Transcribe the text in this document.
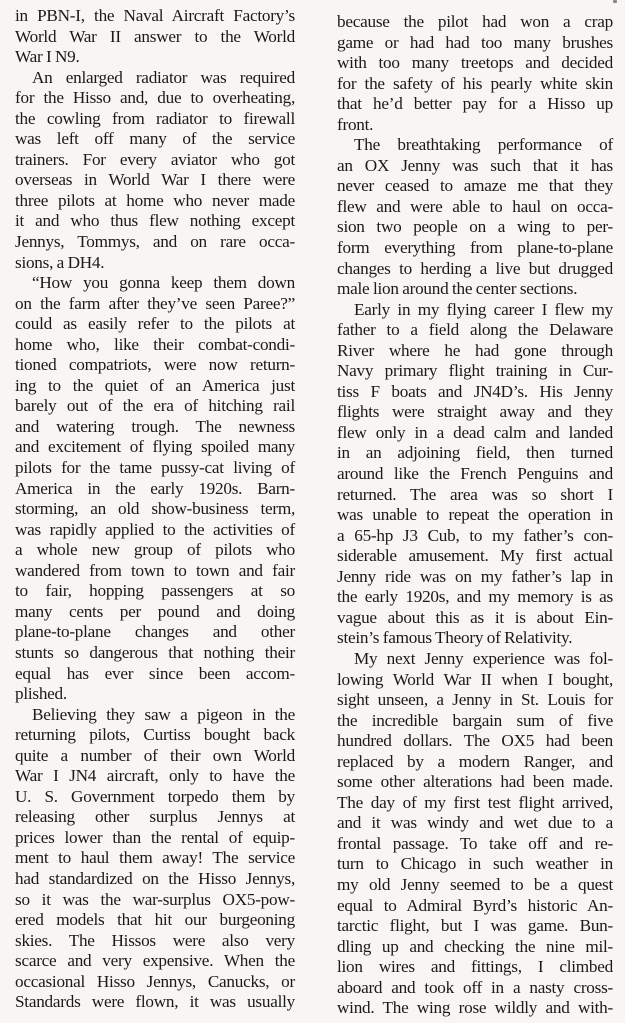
in PBN-I, the Naval Aircraft Factory’s
World War II answer to the World
War I N9.
An enlarged radiator was required
for the Hisso and, due to overheating,
the cowling from radiator to firewall
was left off many of the service
trainers. For every aviator who got
overseas in World War I there were
three pilots at home who never made
it and who thus flew nothing except
Jennys, Tommys, and on rare occa-
sions, a DH4.
“How you gonna keep them down
on the farm after they’ve seen Paree?”
could as easily refer to the pilots at
home who, like their combat-condi-
tioned compatriots, were now return-
ing to the quiet of an America just
barely out of the era of hitching rail
and watering trough. The newness
and excitement of flying spoiled many
pilots for the tame pussy-cat living of
America in the early 1920s. Barn-
storming, an old show-business term,
was rapidly applied to the activities of
a whole new group of pilots who
wandered from town to town and fair
to fair, hopping passengers at so
many cents per pound and doing
plane-to-plane changes and other
stunts so dangerous that nothing their
equal has ever since been accom-
plished.
Believing they saw a pigeon in the
returning pilots, Curtiss bought back
quite a number of their own World
War I JN4 aircraft, only to have the
U. S. Government torpedo them by
releasing other surplus Jennys at
prices lower than the rental of equip-
ment to haul them away! The service
had standardized on the Hisso Jennys,
so it was the war-surplus OX5-pow-
ered models that hit our burgeoning
skies. The Hissos were also very
scarce and very expensive. When the
occasional Hisso Jennys, Canucks, or
Standards were flown, it was usually
because the pilot had won a crap
game or had had too many brushes
with too many treetops and decided
for the safety of his pearly white skin
that he’d better pay for a Hisso up
front.
The breathtaking performance of
an OX Jenny was such that it has
never ceased to amaze me that they
flew and were able to haul on occa-
sion two people on a wing to per-
form everything from plane-to-plane
changes to herding a live but drugged
male lion around the center sections.
Early in my flying career I flew my
father to a field along the Delaware
River where he had gone through
Navy primary flight training in Cur-
tiss F boats and JN4D’s. His Jenny
flights were straight away and they
flew only in a dead calm and landed
in an adjoining field, then turned
around like the French Penguins and
returned. The area was so short I
was unable to repeat the operation in
a 65-hp J3 Cub, to my father’s con-
siderable amusement. My first actual
Jenny ride was on my father’s lap in
the early 1920s, and my memory is as
vague about this as it is about Ein-
stein’s famous Theory of Relativity.
My next Jenny experience was fol-
lowing World War II when I bought,
sight unseen, a Jenny in St. Louis for
the incredible bargain sum of five
hundred dollars. The OX5 had been
replaced by a modern Ranger, and
some other alterations had been made.
The day of my first test flight arrived,
and it was windy and wet due to a
frontal passage. To take off and re-
turn to Chicago in such weather in
my old Jenny seemed to be a quest
equal to Admiral Byrd’s historic An-
tarctic flight, but I was game. Bun-
dling up and checking the nine mil-
lion wires and fittings, I climbed
aboard and took off in a nasty cross-
wind. The wing rose wildly and with-
